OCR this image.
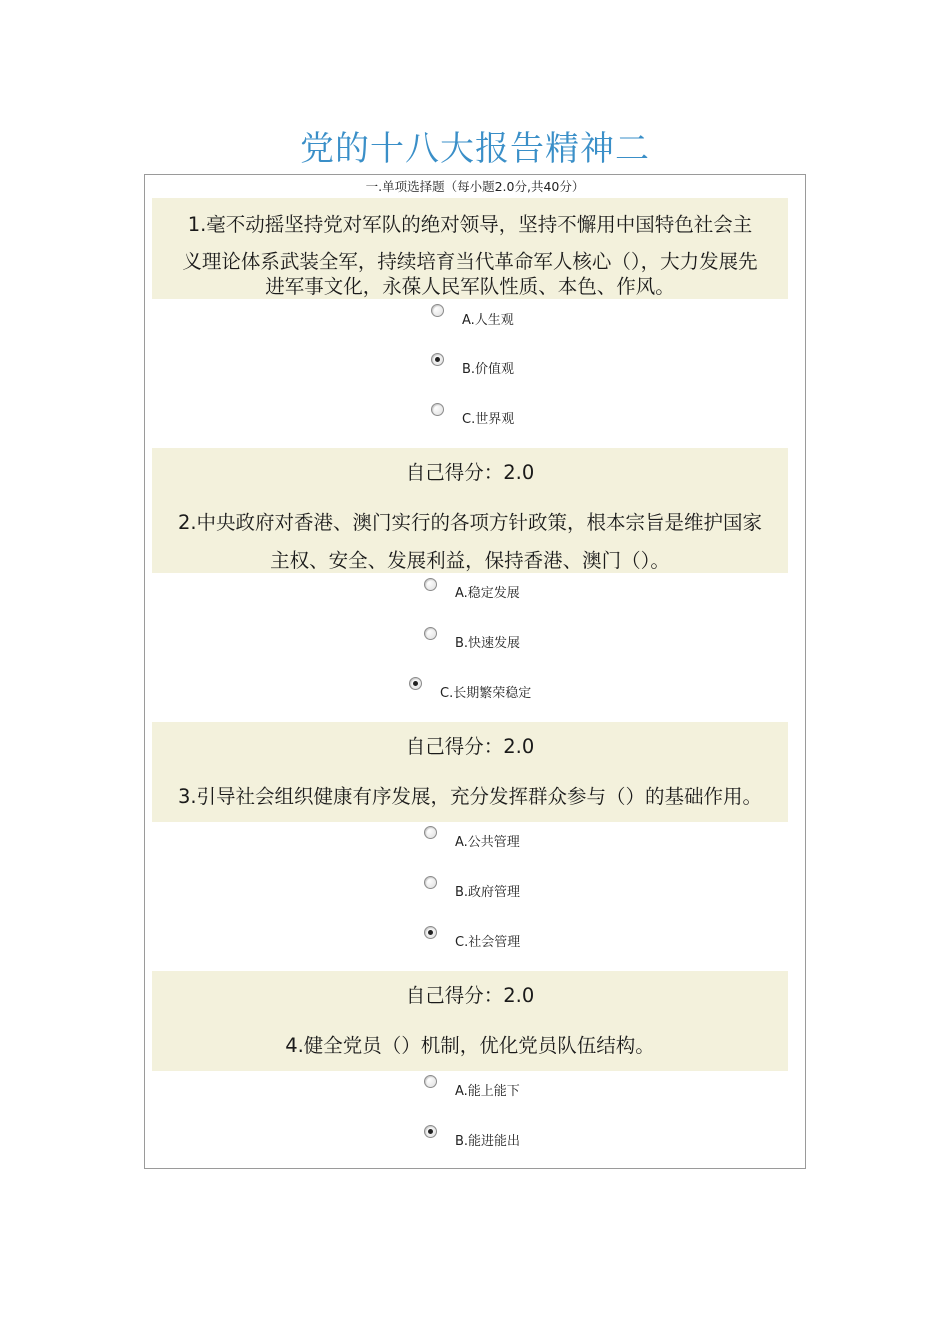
党的十八大报告精神二
一.单项选择题（每小题2.0分,共40分）
1.毫不动摇坚持党对军队的绝对领导，坚持不懈用中国特色社会主
义理论体系武装全军，持续培育当代革命军人核心（），大力发展先
进军事文化，永葆人民军队性质、本色、作风。
A.人生观
B.价值观
C.世界观
自己得分：2.0
2.中央政府对香港、澳门实行的各项方针政策，根本宗旨是维护国家
主权、安全、发展利益，保持香港、澳门（）。
A.稳定发展
B.快速发展
C.长期繁荣稳定
自己得分：2.0
3.引导社会组织健康有序发展，充分发挥群众参与（）的基础作用。
A.公共管理
B.政府管理
C.社会管理
自己得分：2.0
4.健全党员（）机制，优化党员队伍结构。
A.能上能下
B.能进能出
